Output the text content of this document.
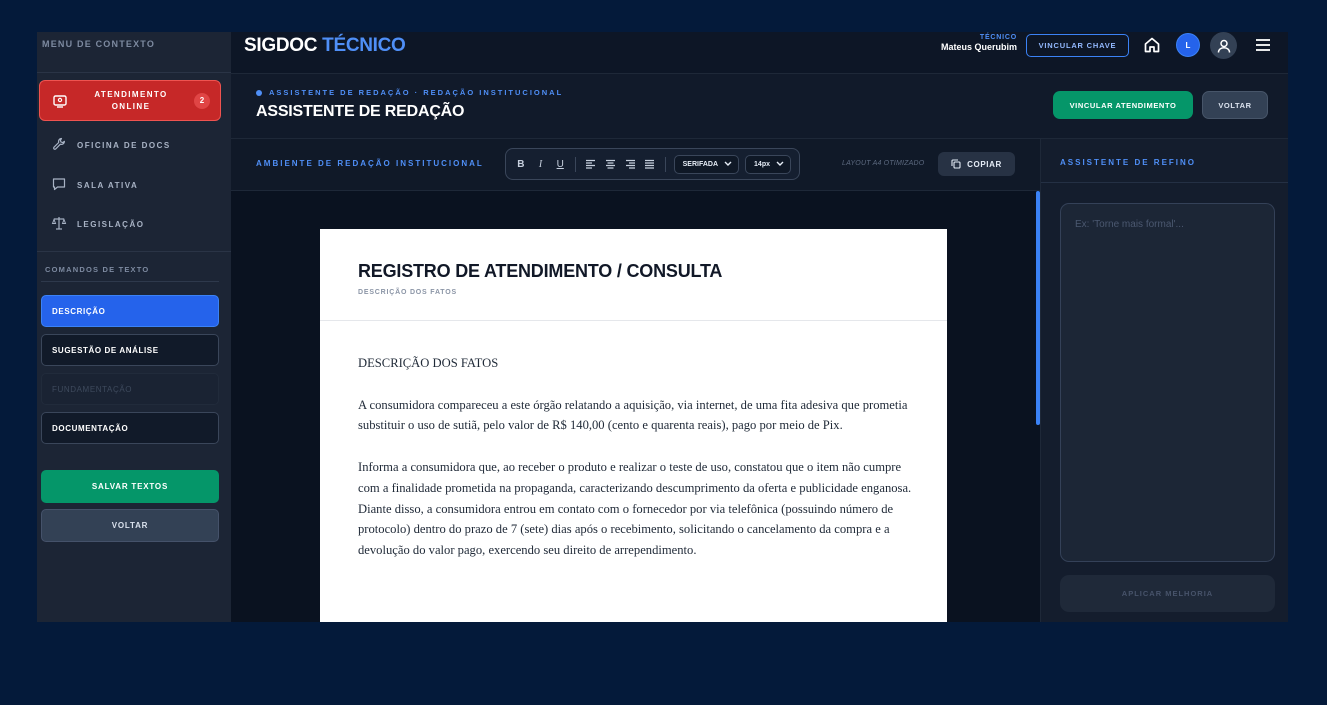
MENU DE CONTEXTO
ATENDIMENTO
ONLINE
2
OFICINA DE DOCS
SALA ATIVA
LEGISLAÇÃO
COMANDOS DE TEXTO
DESCRIÇÃO
SUGESTÃO DE ANÁLISE
FUNDAMENTAÇÃO
DOCUMENTAÇÃO
SALVAR TEXTOS
VOLTAR
SIGDOC TÉCNICO	TÉCNICO
Mateus Querubim	VINCULAR CHAVE	L
ASSISTENTE DE REDAÇÃO · REDAÇÃO INSTITUCIONAL
ASSISTENTE DE REDAÇÃO	VINCULAR ATENDIMENTO	VOLTAR
AMBIENTE DE REDAÇÃO INSTITUCIONAL	B	I	U	SERIFADA	14px	LAYOUT A4 OTIMIZADO	COPIAR
REGISTRO DE ATENDIMENTO / CONSULTA
DESCRIÇÃO DOS FATOS

DESCRIÇÃO DOS FATOS

A consumidora compareceu a este órgão relatando a aquisição, via internet, de uma fita adesiva que prometia substituir o uso de sutiã, pelo valor de R$ 140,00 (cento e quarenta reais), pago por meio de Pix.

Informa a consumidora que, ao receber o produto e realizar o teste de uso, constatou que o item não cumpre com a finalidade prometida na propaganda, caracterizando descumprimento da oferta e publicidade enganosa. Diante disso, a consumidora entrou em contato com o fornecedor por via telefônica (possuindo número de protocolo) dentro do prazo de 7 (sete) dias após o recebimento, solicitando o cancelamento da compra e a devolução do valor pago, exercendo seu direito de arrependimento.

ASSISTENTE DE REFINO
Ex: 'Torne mais formal'...
APLICAR MELHORIA
